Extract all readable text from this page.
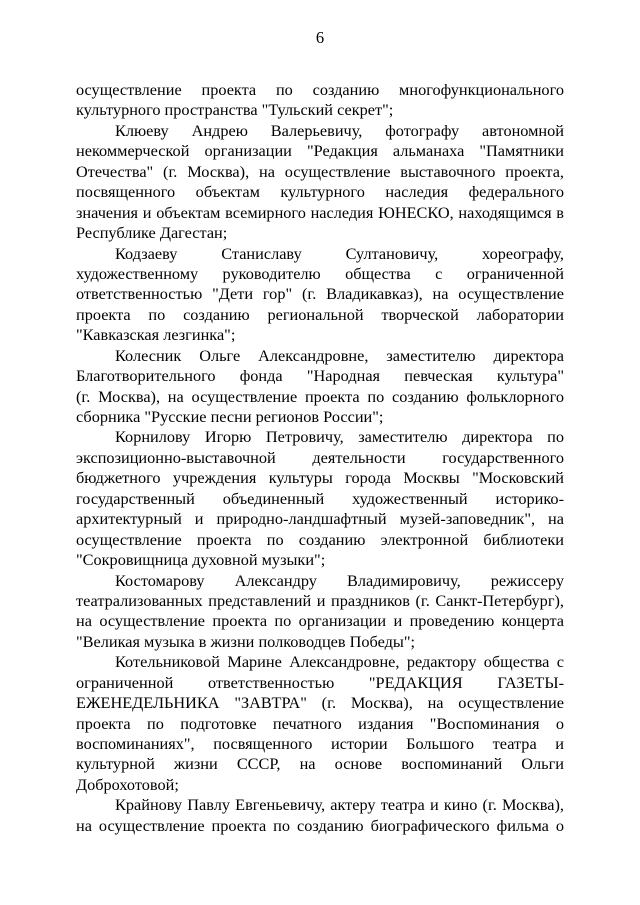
6
осуществление проекта по созданию многофункционального
культурного пространства "Тульский секрет";
Клюеву Андрею Валерьевичу, фотографу автономной
некоммерческой организации "Редакция альманаха "Памятники
Отечества" (г. Москва), на осуществление выставочного проекта,
посвященного объектам культурного наследия федерального
значения и объектам всемирного наследия ЮНЕСКО, находящимся в
Республике Дагестан;
Кодзаеву Станиславу Султановичу, хореографу,
художественному руководителю общества с ограниченной
ответственностью "Дети гор" (г. Владикавказ), на осуществление
проекта по созданию региональной творческой лаборатории
"Кавказская лезгинка";
Колесник Ольге Александровне, заместителю директора
Благотворительного фонда "Народная певческая культура"
(г. Москва), на осуществление проекта по созданию фольклорного
сборника "Русские песни регионов России";
Корнилову Игорю Петровичу, заместителю директора по
экспозиционно-выставочной деятельности государственного
бюджетного учреждения культуры города Москвы "Московский
государственный объединенный художественный историко-
архитектурный и природно-ландшафтный музей-заповедник", на
осуществление проекта по созданию электронной библиотеки
"Сокровищница духовной музыки";
Костомарову Александру Владимировичу, режиссеру
театрализованных представлений и праздников (г. Санкт-Петербург),
на осуществление проекта по организации и проведению концерта
"Великая музыка в жизни полководцев Победы";
Котельниковой Марине Александровне, редактору общества с
ограниченной ответственностью "РЕДАКЦИЯ ГАЗЕТЫ-
ЕЖЕНЕДЕЛЬНИКА "ЗАВТРА" (г. Москва), на осуществление
проекта по подготовке печатного издания "Воспоминания о
воспоминаниях", посвященного истории Большого театра и
культурной жизни СССР, на основе воспоминаний Ольги
Доброхотовой;
Крайнову Павлу Евгеньевичу, актеру театра и кино (г. Москва),
на осуществление проекта по созданию биографического фильма о
